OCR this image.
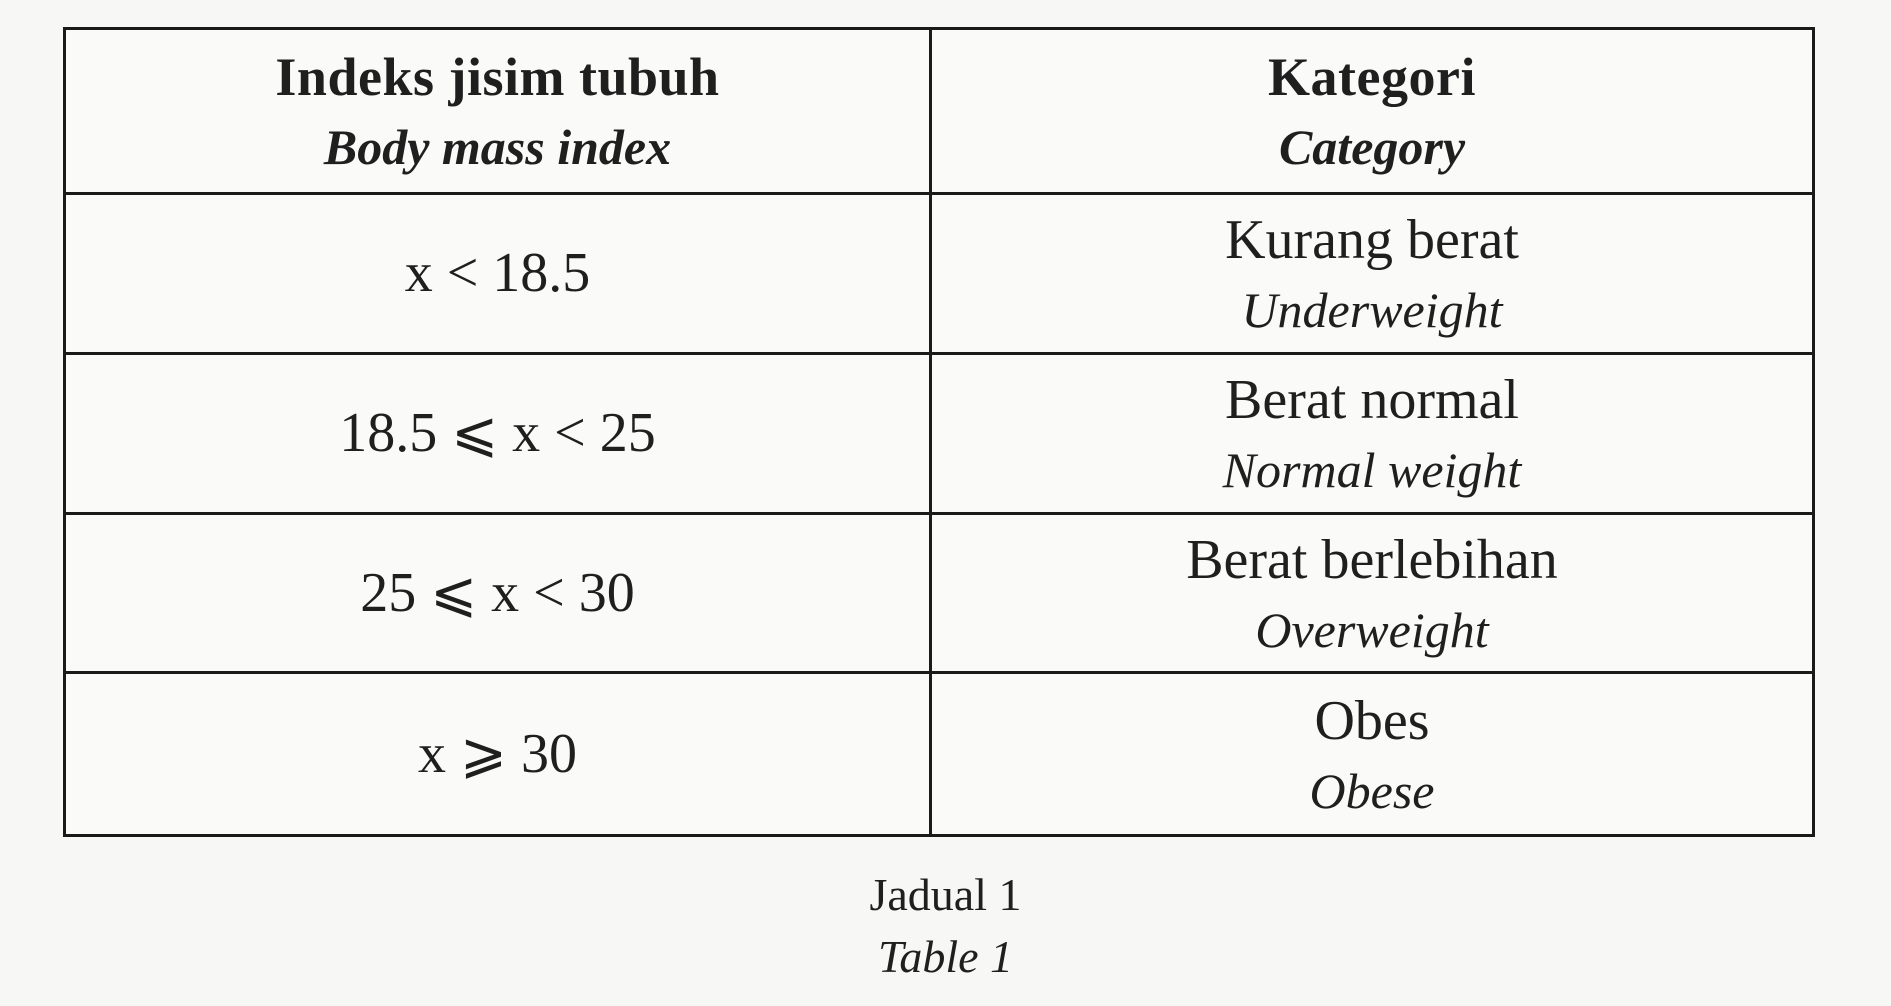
Indeks jisim tubuh
Body mass index
Kategori
Category
x < 18.5
Kurang berat
Underweight
18.5 ⩽ x < 25
Berat normal
Normal weight
25 ⩽ x < 30
Berat berlebihan
Overweight
x ⩾ 30
Obes
Obese
Jadual 1
Table 1
